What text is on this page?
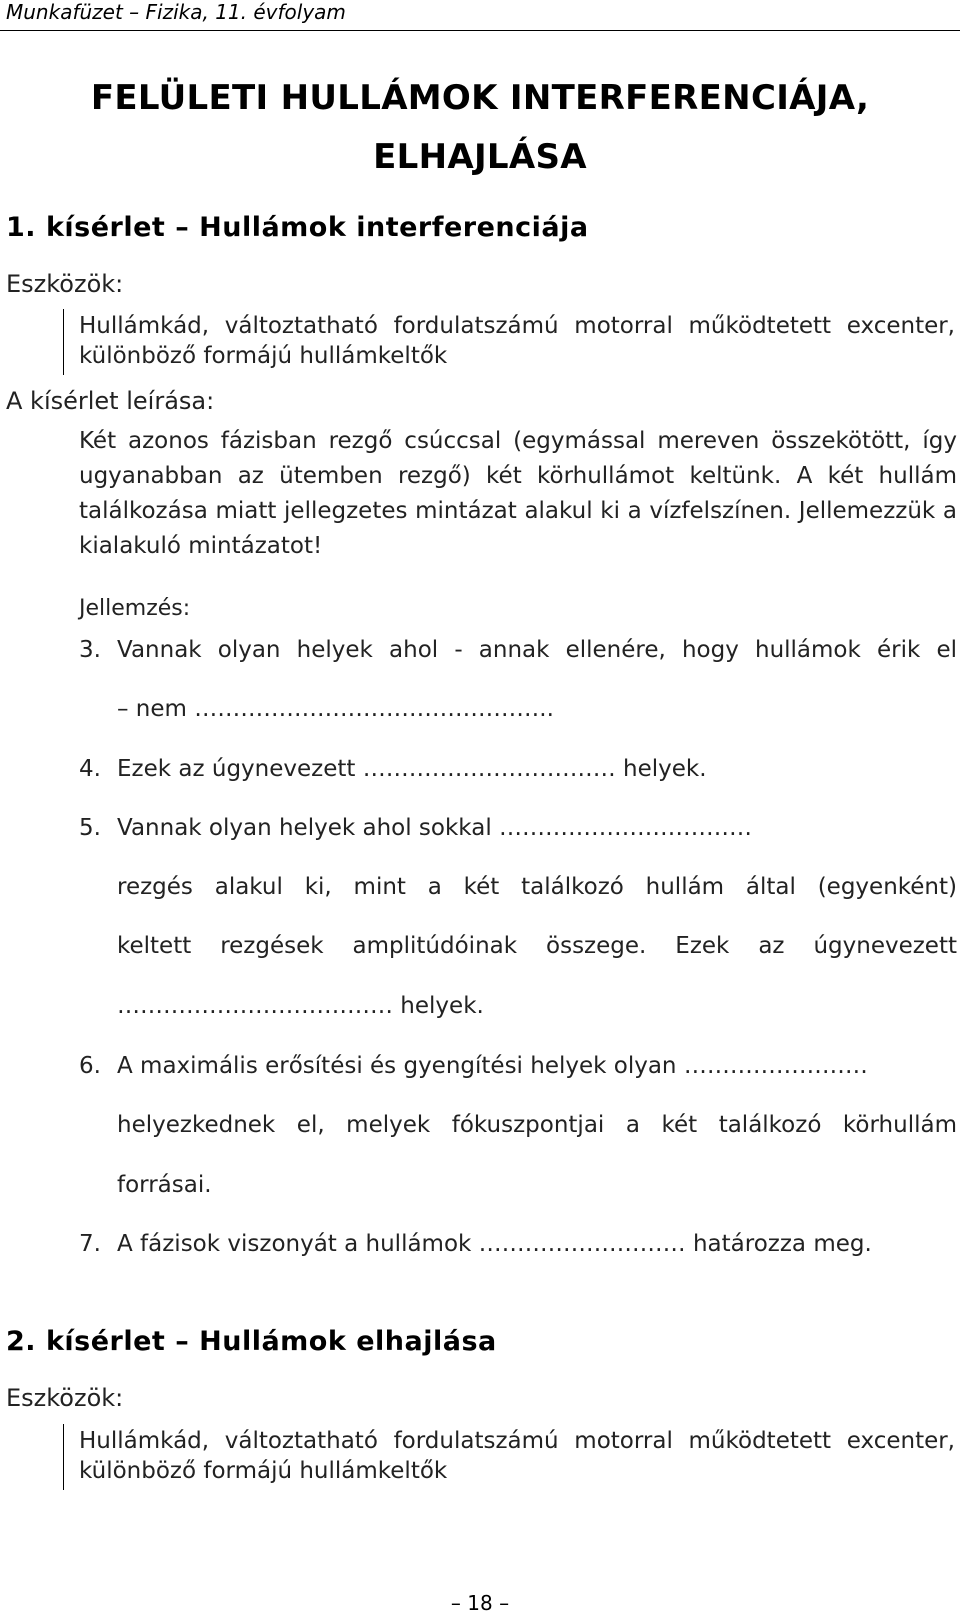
Munkafüzet – Fizika, 11. évfolyam
FELÜLETI HULLÁMOK INTERFERENCIÁJA,
ELHAJLÁSA
1. kísérlet – Hullámok interferenciája
Eszközök:
Hullámkád, változtatható fordulatszámú motorral működtetett excenter, különböző formájú hullámkeltők
A kísérlet leírása:
Két azonos fázisban rezgő csúccsal (egymással mereven összekötött, így ugyanabban az ütemben rezgő) két körhullámot keltünk. A két hullám találkozása miatt jellegzetes mintázat alakul ki a vízfelszínen. Jellemezzük a kialakuló mintázatot!
Jellemzés:
3. Vannak olyan helyek ahol - annak ellenére, hogy hullámok érik el
– nem ………………………………………..
4. Ezek az úgynevezett …………………………… helyek.
5. Vannak olyan helyek ahol sokkal ……………………………
rezgés alakul ki, mint a két találkozó hullám által (egyenként)
keltett rezgések amplitúdóinak összege. Ezek az úgynevezett
……………………………… helyek.
6. A maximális erősítési és gyengítési helyek olyan ……………………
helyezkednek el, melyek fókuszpontjai a két találkozó körhullám
forrásai.
7. A fázisok viszonyát a hullámok ……………………… határozza meg.
2. kísérlet – Hullámok elhajlása
Eszközök:
Hullámkád, változtatható fordulatszámú motorral működtetett excenter, különböző formájú hullámkeltők
– 18 –
